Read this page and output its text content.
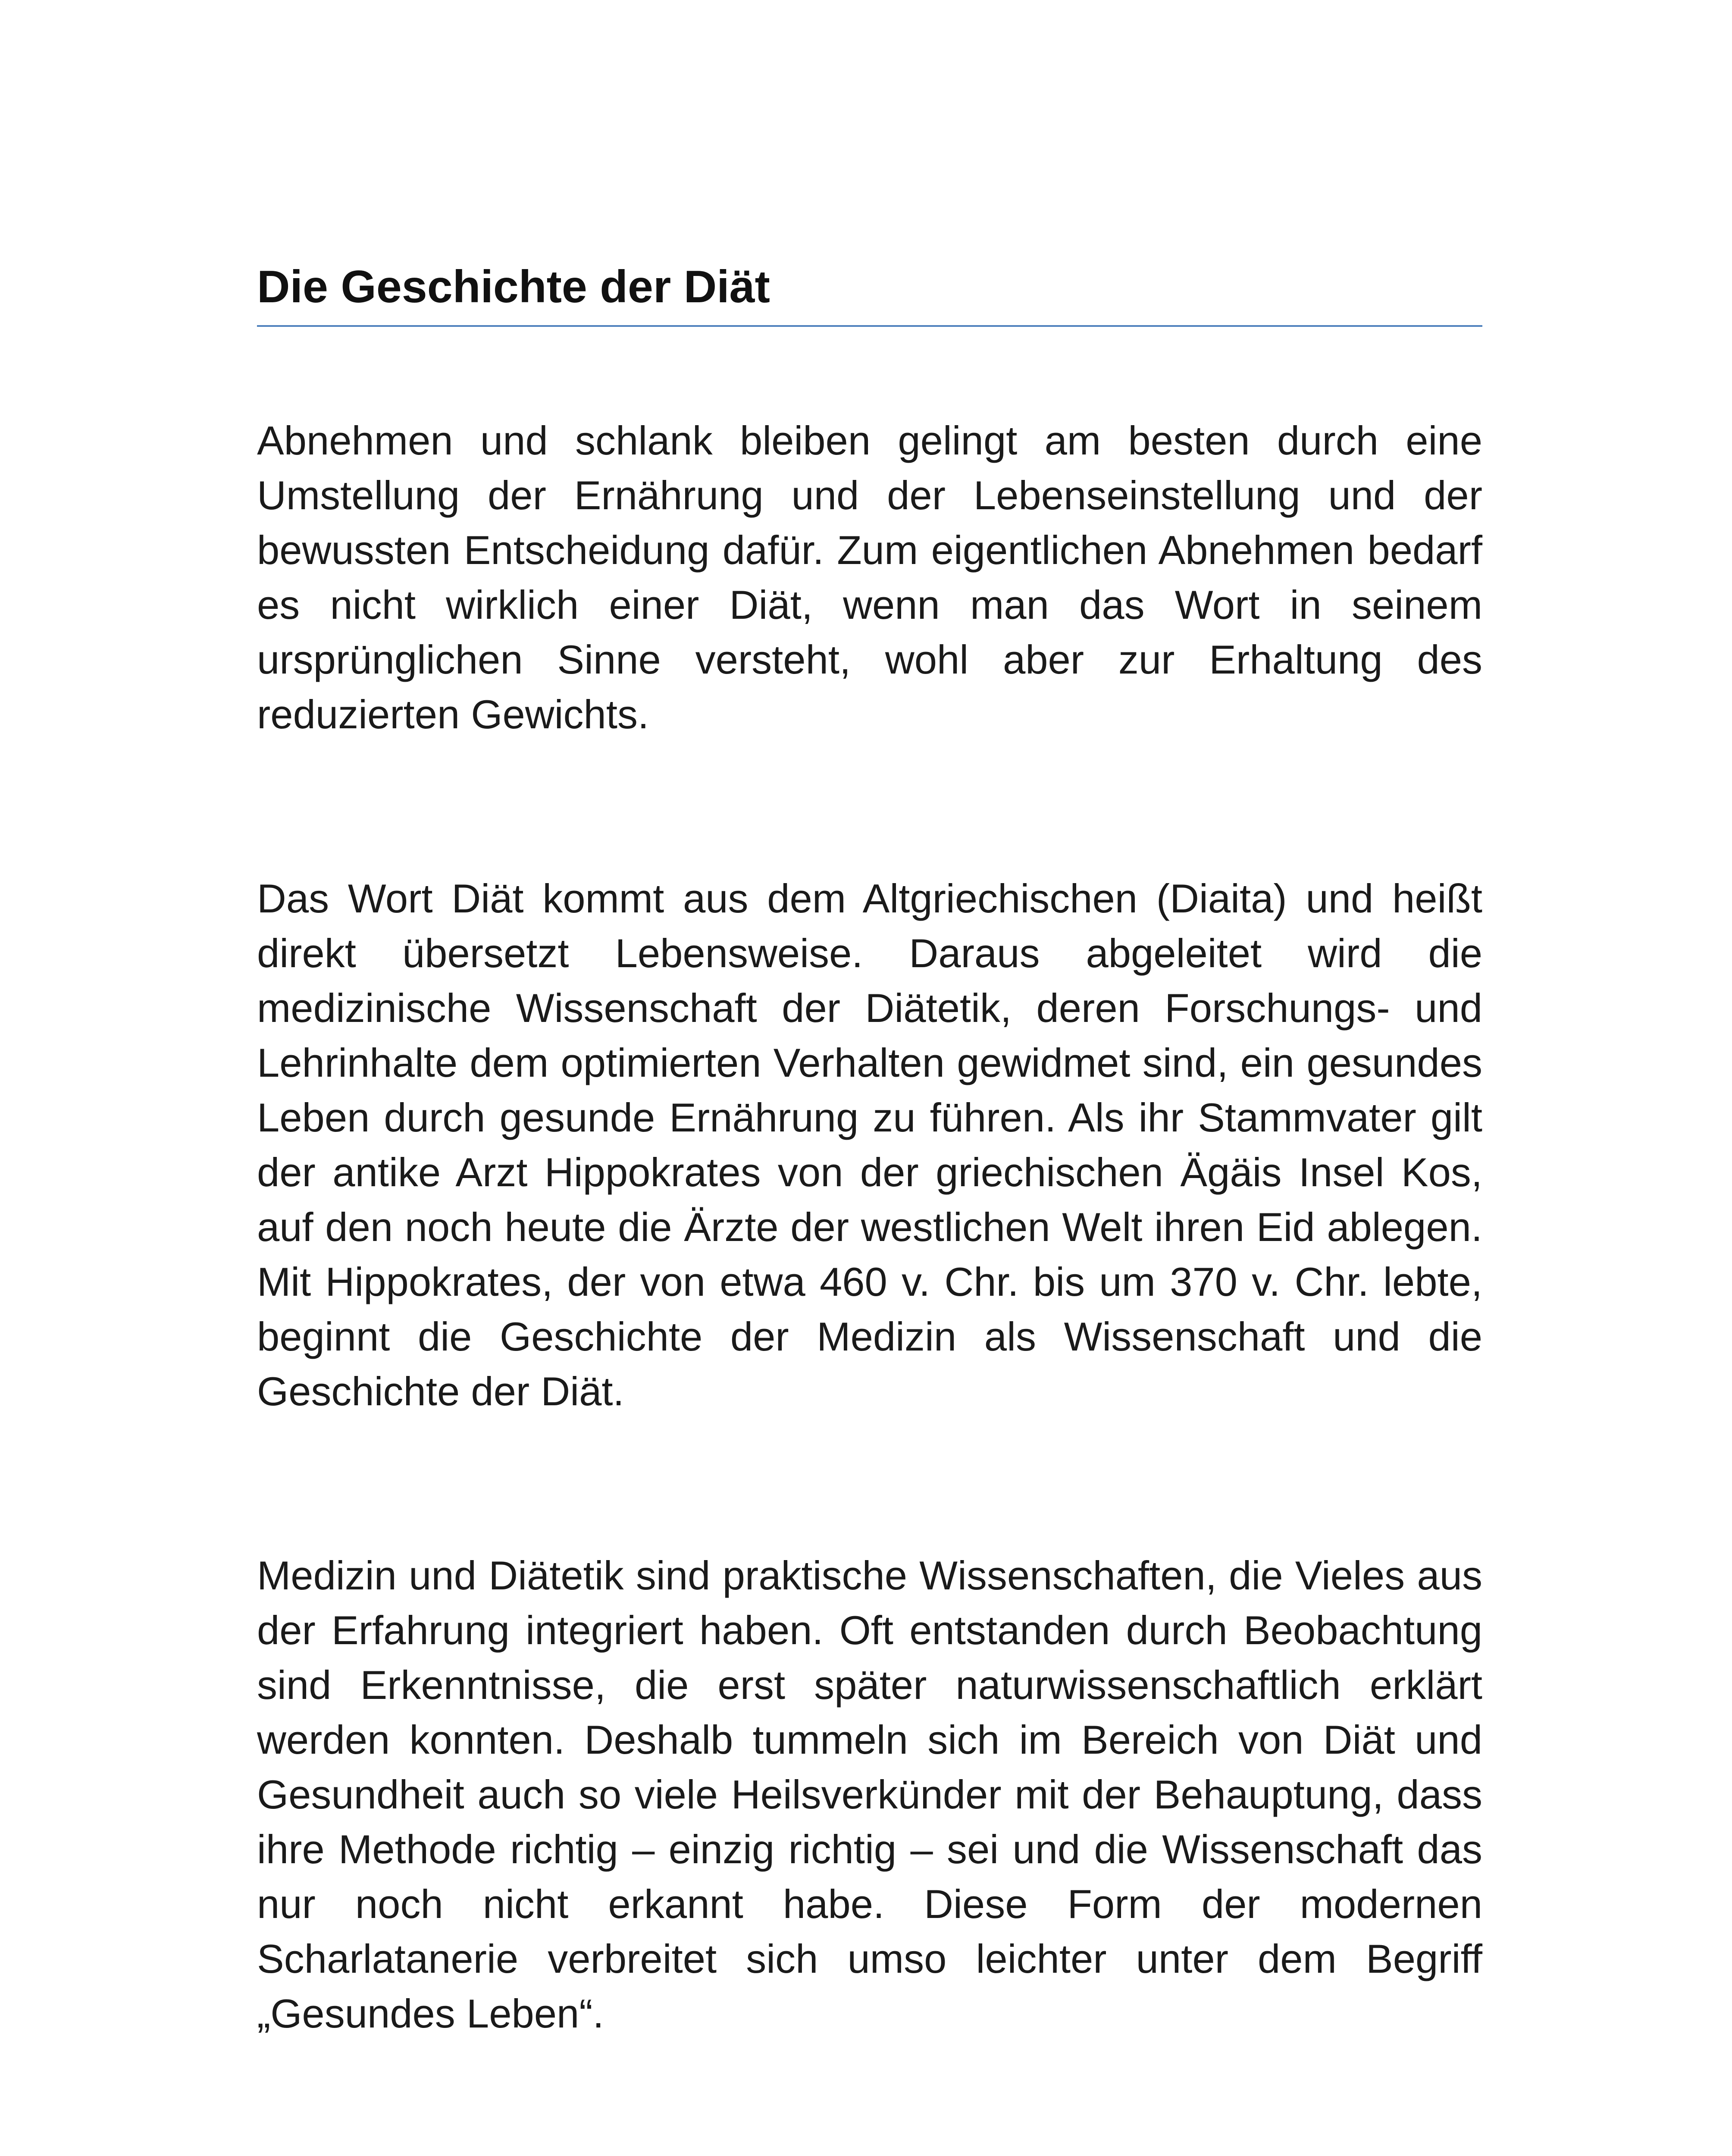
Die Geschichte der Diät

Abnehmen und schlank bleiben gelingt am besten durch eine Umstellung der Ernährung und der Lebenseinstellung und der bewussten Entscheidung dafür. Zum eigentlichen Abnehmen bedarf es nicht wirklich einer Diät, wenn man das Wort in seinem ursprünglichen Sinne versteht, wohl aber zur Erhaltung des reduzierten Gewichts.

Das Wort Diät kommt aus dem Altgriechischen (Diaita) und heißt direkt übersetzt Lebensweise. Daraus abgeleitet wird die medizinische Wissenschaft der Diätetik, deren Forschungs- und Lehrinhalte dem optimierten Verhalten gewidmet sind, ein gesundes Leben durch gesunde Ernährung zu führen. Als ihr Stammvater gilt der antike Arzt Hippokrates von der griechischen Ägäis Insel Kos, auf den noch heute die Ärzte der westlichen Welt ihren Eid ablegen. Mit Hippokrates, der von etwa 460 v. Chr. bis um 370 v. Chr. lebte, beginnt die Geschichte der Medizin als Wissenschaft und die Geschichte der Diät.

Medizin und Diätetik sind praktische Wissenschaften, die Vieles aus der Erfahrung integriert haben. Oft entstanden durch Beobachtung sind Erkenntnisse, die erst später naturwissenschaftlich erklärt werden konnten. Deshalb tummeln sich im Bereich von Diät und Gesundheit auch so viele Heilsverkünder mit der Behauptung, dass ihre Methode richtig – einzig richtig – sei und die Wissenschaft das nur noch nicht erkannt habe. Diese Form der modernen Scharlatanerie verbreitet sich umso leichter unter dem Begriff „Gesundes Leben“.
